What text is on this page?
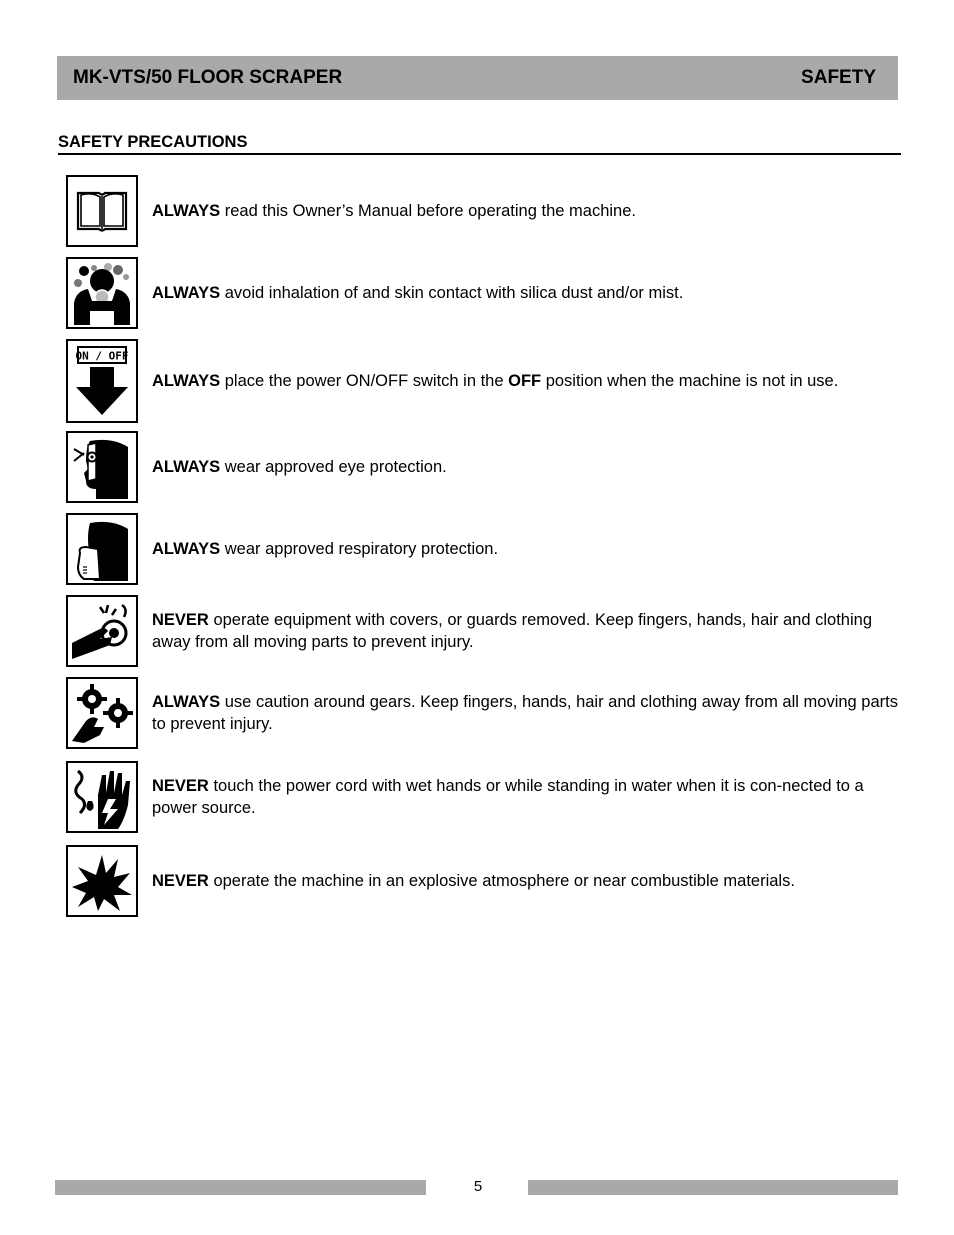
MK-VTS/50 FLOOR SCRAPER	SAFETY
SAFETY PRECAUTIONS
ALWAYS read this Owner’s Manual before operating the machine.
ALWAYS avoid inhalation of and skin contact with silica dust and/or mist.
ON / OFF
ALWAYS place the power ON/OFF switch in the OFF position when the machine is not in use.
ALWAYS wear approved eye protection.
ALWAYS wear approved respiratory protection.
NEVER operate equipment with covers, or guards removed. Keep fingers, hands, hair and clothing away from all moving parts to prevent injury.
ALWAYS use caution around gears. Keep fingers, hands, hair and clothing away from all moving parts to prevent injury.
NEVER touch the power cord with wet hands or while standing in water when it is con-nected to a power source.
NEVER operate the machine in an explosive atmosphere or near combustible materials.
5
